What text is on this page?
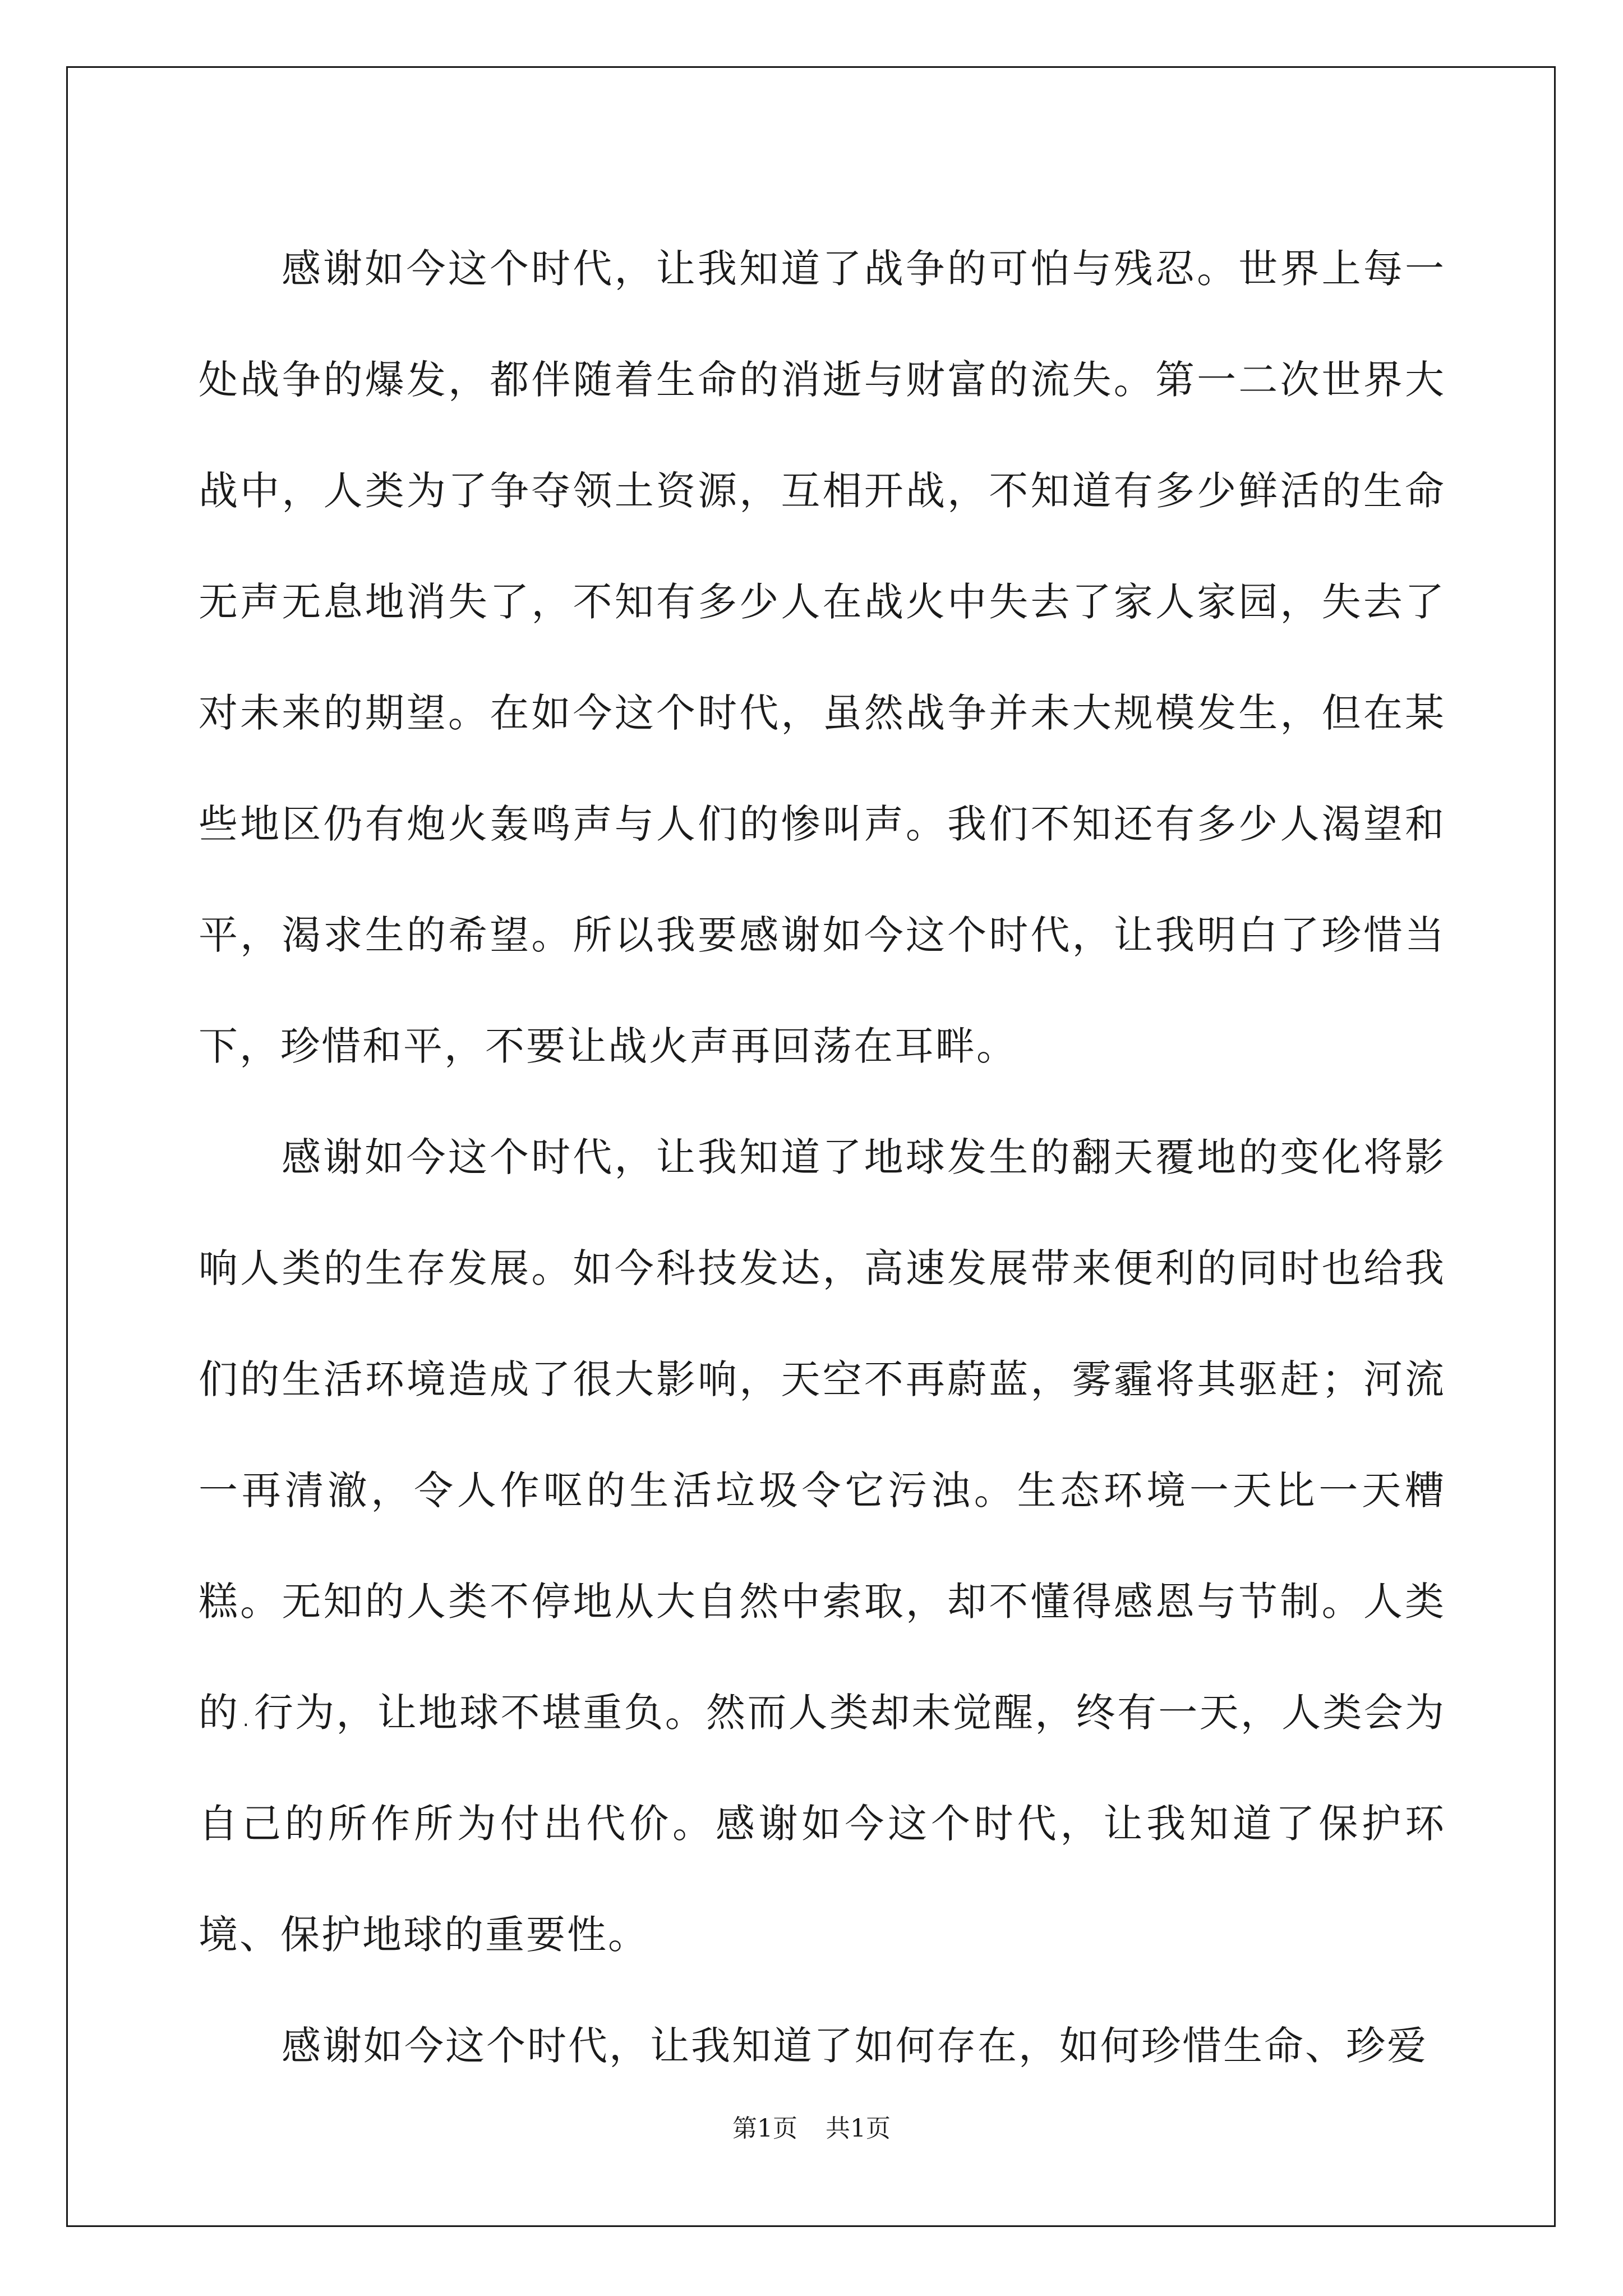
感谢如今这个时代，让我知道了战争的可怕与残忍。世界上每一处战争的爆发，都伴随着生命的消逝与财富的流失。第一二次世界大战中，人类为了争夺领土资源，互相开战，不知道有多少鲜活的生命无声无息地消失了，不知有多少人在战火中失去了家人家园，失去了对未来的期望。在如今这个时代，虽然战争并未大规模发生，但在某些地区仍有炮火轰鸣声与人们的惨叫声。我们不知还有多少人渴望和平，渴求生的希望。所以我要感谢如今这个时代，让我明白了珍惜当下，珍惜和平，不要让战火声再回荡在耳畔。

感谢如今这个时代，让我知道了地球发生的翻天覆地的变化将影响人类的生存发展。如今科技发达，高速发展带来便利的同时也给我们的生活环境造成了很大影响，天空不再蔚蓝，雾霾将其驱赶；河流一再清澈，令人作呕的生活垃圾令它污浊。生态环境一天比一天糟糕。无知的人类不停地从大自然中索取，却不懂得感恩与节制。人类的.行为，让地球不堪重负。然而人类却未觉醒，终有一天，人类会为自己的所作所为付出代价。感谢如今这个时代，让我知道了保护环境、保护地球的重要性。

感谢如今这个时代，让我知道了如何存在，如何珍惜生命、珍爱

第1页 共1页
